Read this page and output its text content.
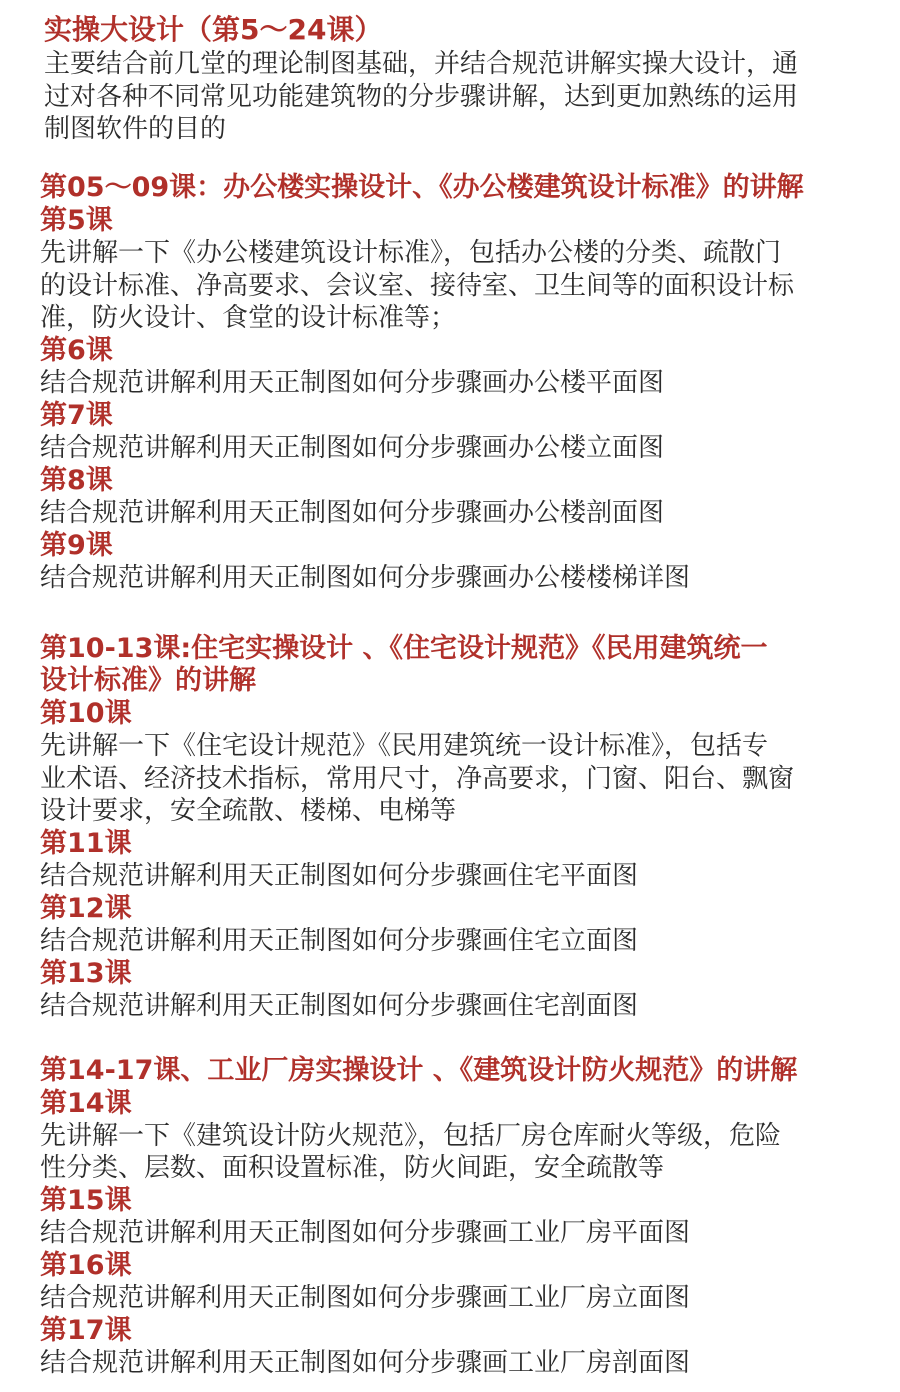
实操大设计（第5～24课）
主要结合前几堂的理论制图基础，并结合规范讲解实操大设计，通
过对各种不同常见功能建筑物的分步骤讲解，达到更加熟练的运用
制图软件的目的
第05～09课：办公楼实操设计、《办公楼建筑设计标准》的讲解
第5课
先讲解一下《办公楼建筑设计标准》，包括办公楼的分类、疏散门
的设计标准、净高要求、会议室、接待室、卫生间等的面积设计标
准，防火设计、食堂的设计标准等；
第6课
结合规范讲解利用天正制图如何分步骤画办公楼平面图
第7课
结合规范讲解利用天正制图如何分步骤画办公楼立面图
第8课
结合规范讲解利用天正制图如何分步骤画办公楼剖面图
第9课
结合规范讲解利用天正制图如何分步骤画办公楼楼梯详图
第10-13课:住宅实操设计 、《住宅设计规范》《民用建筑统一
设计标准》的讲解
第10课
先讲解一下《住宅设计规范》《民用建筑统一设计标准》，包括专
业术语、经济技术指标，常用尺寸，净高要求，门窗、阳台、飘窗
设计要求，安全疏散、楼梯、电梯等
第11课
结合规范讲解利用天正制图如何分步骤画住宅平面图
第12课
结合规范讲解利用天正制图如何分步骤画住宅立面图
第13课
结合规范讲解利用天正制图如何分步骤画住宅剖面图
第14-17课、工业厂房实操设计 、《建筑设计防火规范》的讲解
第14课
先讲解一下《建筑设计防火规范》，包括厂房仓库耐火等级，危险
性分类、层数、面积设置标准，防火间距，安全疏散等
第15课
结合规范讲解利用天正制图如何分步骤画工业厂房平面图
第16课
结合规范讲解利用天正制图如何分步骤画工业厂房立面图
第17课
结合规范讲解利用天正制图如何分步骤画工业厂房剖面图
